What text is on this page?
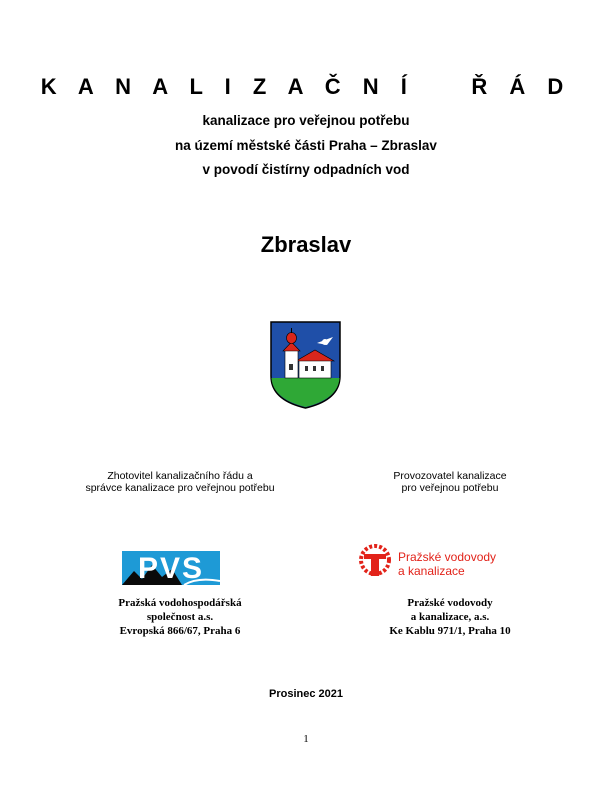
K A N A L I Z A Č N Í    Ř Á D
kanalizace pro veřejnou potřebu
na území městské části Praha – Zbraslav
v povodí čistírny odpadních vod
Zbraslav
Zhotovitel kanalizačního řádu a
správce kanalizace pro veřejnou potřebu
Provozovatel kanalizace
pro veřejnou potřebu
PVS	Pražské vodovody
a kanalizace
Pražská vodohospodářská
společnost a.s.
Evropská 866/67, Praha 6
Pražské vodovody
a kanalizace, a.s.
Ke Kablu 971/1, Praha 10
Prosinec 2021
1
